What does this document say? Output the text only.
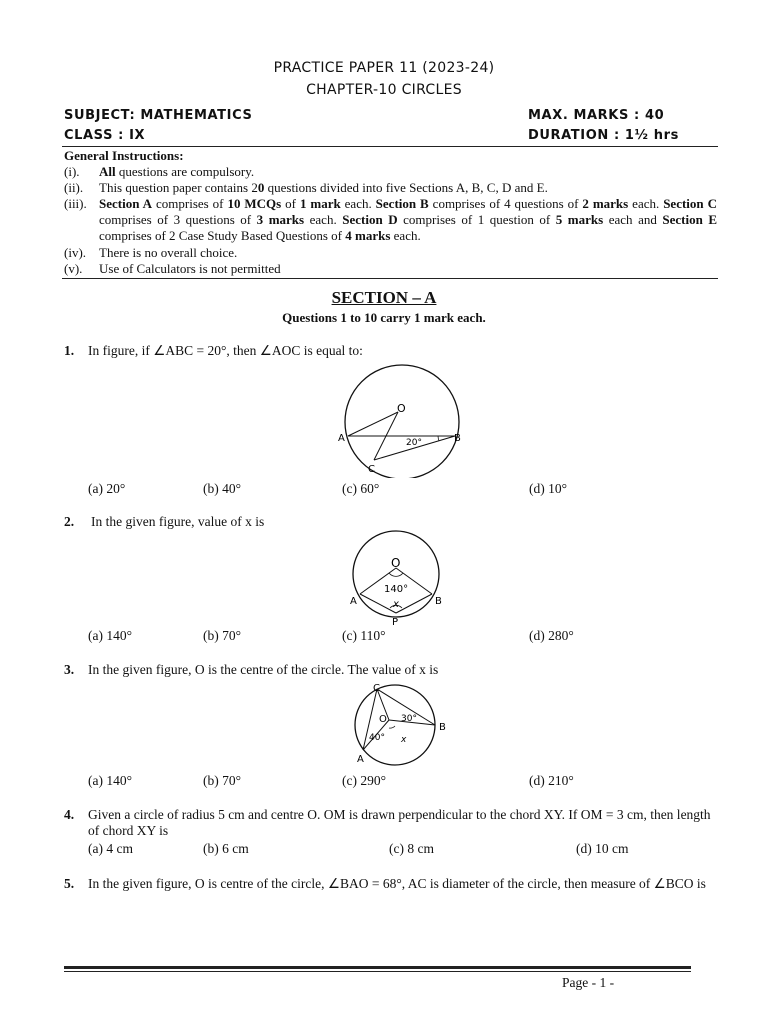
PRACTICE PAPER 11 (2023-24)
CHAPTER-10 CIRCLES
SUBJECT: MATHEMATICS	MAX. MARKS : 40
CLASS : IX	DURATION : 1½ hrs
General Instructions:
(i). All questions are compulsory.
(ii). This question paper contains 20 questions divided into five Sections A, B, C, D and E.
(iii). Section A comprises of 10 MCQs of 1 mark each. Section B comprises of 4 questions of 2 marks each. Section C comprises of 3 questions of 3 marks each. Section D comprises of 1 question of 5 marks each and Section E comprises of 2 Case Study Based Questions of 4 marks each.
(iv). There is no overall choice.
(v). Use of Calculators is not permitted
SECTION – A
Questions 1 to 10 carry 1 mark each.
1. In figure, if ∠ABC = 20°, then ∠AOC is equal to:
O
A	B
C
20°
(a) 20°	(b) 40°	(c) 60°	(d) 10°
2. In the given figure, value of x is
O
140°
x
A	B
P
(a) 140°	(b) 70°	(c) 110°	(d) 280°
3. In the given figure, O is the centre of the circle. The value of x is
C
O 30°
40° x
B
A
(a) 140°	(b) 70°	(c) 290°	(d) 210°
4. Given a circle of radius 5 cm and centre O. OM is drawn perpendicular to the chord XY. If OM = 3 cm, then length of chord XY is
(a) 4 cm	(b) 6 cm	(c) 8 cm	(d) 10 cm
5. In the given figure, O is centre of the circle, ∠BAO = 68°, AC is diameter of the circle, then measure of ∠BCO is
Page - 1 -
